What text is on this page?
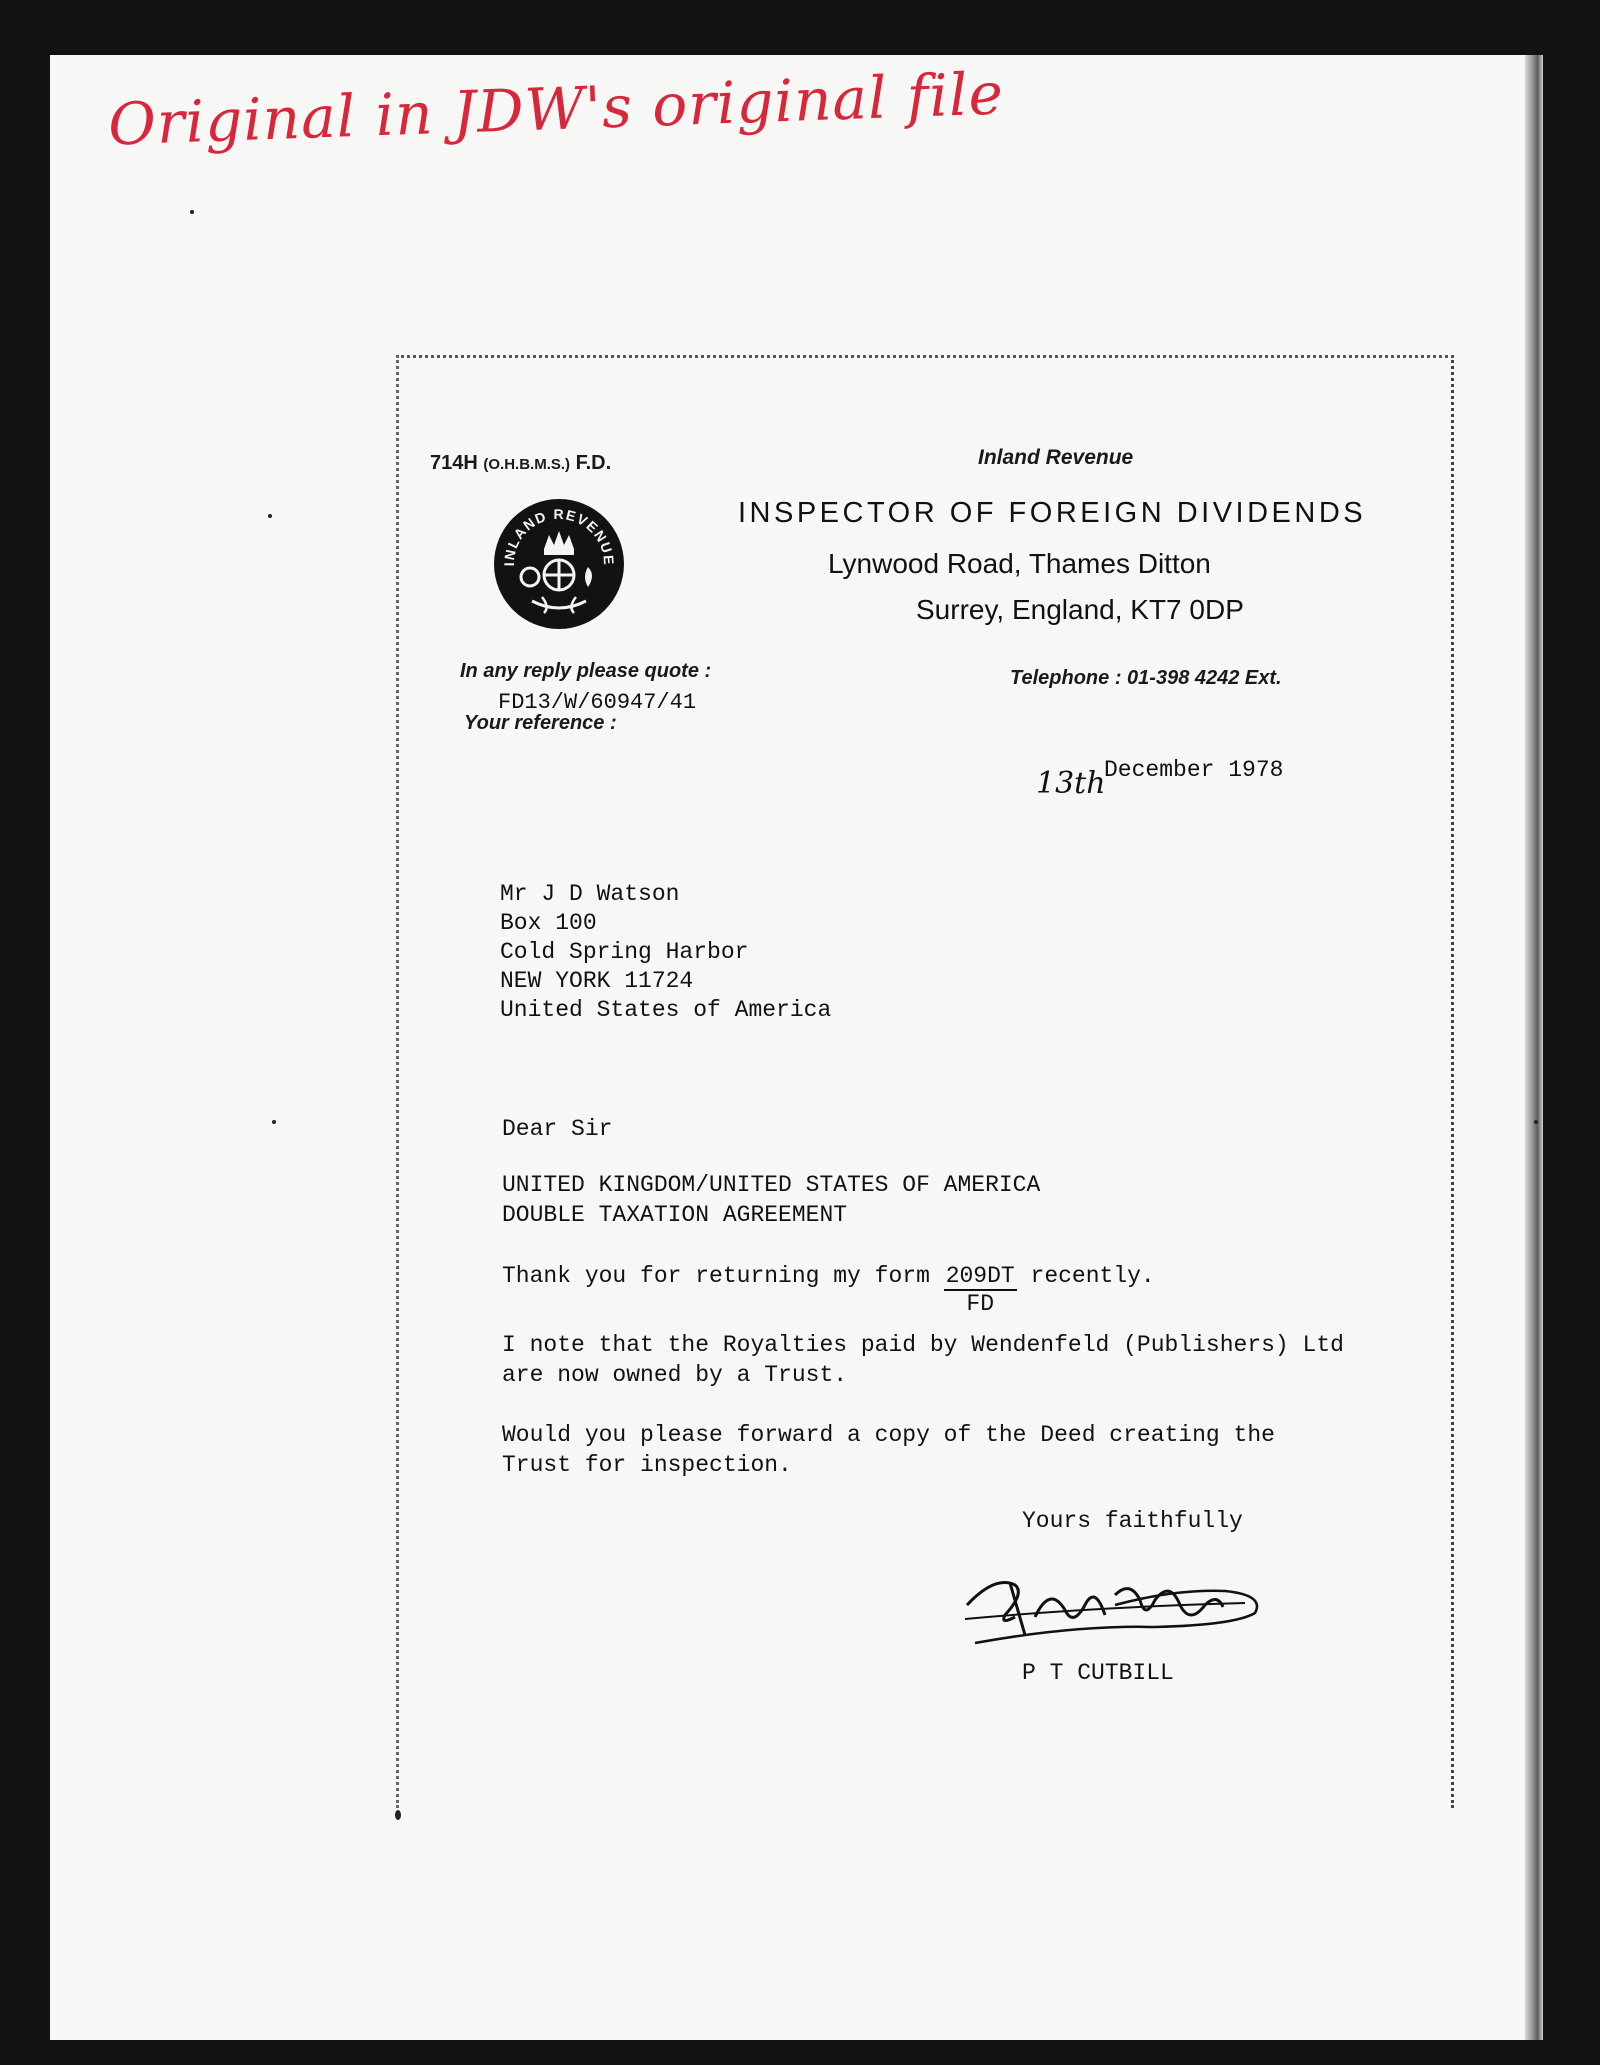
Original in JDW's original file
714H (O.H.B.M.S.) F.D.	Inland Revenue
INSPECTOR OF FOREIGN DIVIDENDS
Lynwood Road, Thames Ditton
Surrey, England, KT7 0DP
INLAND REVENUE
In any reply please quote :
FD13/W/60947/41
Your reference :
Telephone : 01-398 4242 Ext.
13th
December 1978
Mr J D Watson
Box 100
Cold Spring Harbor
NEW YORK 11724
United States of America
Dear Sir
UNITED KINGDOM/UNITED STATES OF AMERICA
DOUBLE TAXATION AGREEMENT
Thank you for returning my form $\frac{209DT}{FD}$ recently.
I note that the Royalties paid by Wendenfeld (Publishers) Ltd
are now owned by a Trust.
Would you please forward a copy of the Deed creating the
Trust for inspection.
Yours faithfully
P T CUTBILL
